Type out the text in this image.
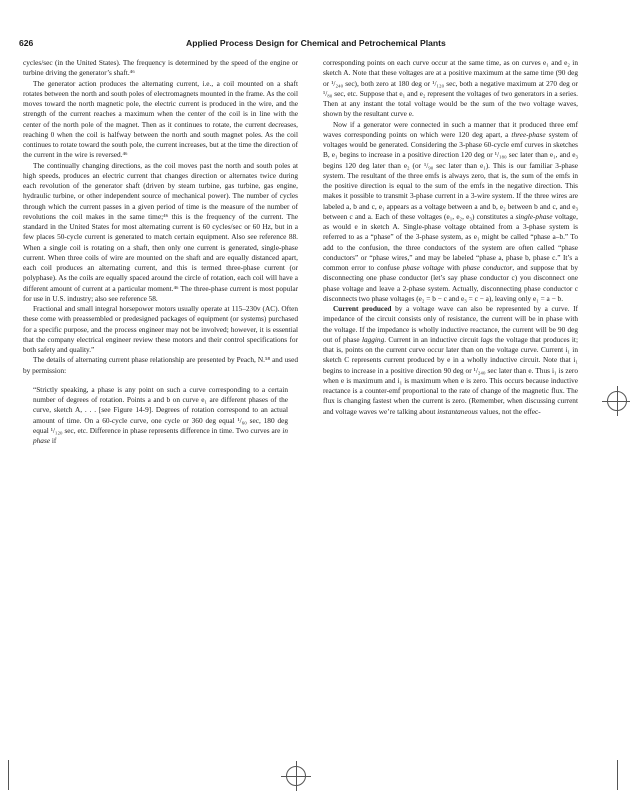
626	Applied Process Design for Chemical and Petrochemical Plants

cycles/sec (in the United States). The frequency is determined by the speed of the engine or turbine driving the generator’s shaft.⁴⁶

The generator action produces the alternating current, i.e., a coil mounted on a shaft rotates between the north and south poles of electromagnets mounted in the frame. As the coil moves toward the north magnetic pole, the electric current is produced in the wire, and the strength of the current reaches a maximum when the center of the coil is in line with the center of the north pole of the magnet. Then as it continues to rotate, the current decreases, reaching 0 when the coil is halfway between the north and south magnet poles. As the coil continues to rotate toward the south pole, the current increases, but at the time the direction of the current in the wire is reversed.⁴⁶

The continually changing directions, as the coil moves past the north and south poles at high speeds, produces an electric current that changes direction or alternates twice during each revolution of the generator shaft (driven by steam turbine, gas turbine, gas engine, hydraulic turbine, or other independent source of mechanical power). The number of cycles through which the current passes in a given period of time is the measure of the number of revolutions the coil makes in the same time;⁴⁶ this is the frequency of the current. The standard in the United States for most alternating current is 60 cycles/sec or 60 Hz, but in a few places 50-cycle current is generated to match certain equipment. Also see reference 88. When a single coil is rotating on a shaft, then only one current is generated, single-phase current. When three coils of wire are mounted on the shaft and are equally distanced apart, each coil produces an alternating current, and this is termed three-phase current (or polyphase). As the coils are equally spaced around the circle of rotation, each coil will have a different amount of current at a particular moment.⁴⁶ The three-phase current is most popular for use in U.S. industry; also see reference 58.

Fractional and small integral horsepower motors usually operate at 115–230v (AC). Often these come with preassembled or predesigned packages of equipment (or systems) purchased for a specific purpose, and the process engineer may not be involved; however, it is essential that the company electrical engineer review these motors and their control specifications for both safety and quality.”

The details of alternating current phase relationship are presented by Peach, N.⁵⁸ and used by permission:

“Strictly speaking, a phase is any point on such a curve corresponding to a certain number of degrees of rotation. Points a and b on curve e₁ are different phases of the curve, sketch A, . . . [see Figure 14-9]. Degrees of rotation correspond to an actual amount of time. On a 60-cycle curve, one cycle or 360 deg equal ¹/₆₀ sec, 180 deg equal ¹/₁₂₀ sec, etc. Difference in phase represents difference in time. Two curves are in phase if

corresponding points on each curve occur at the same time, as on curves e₁ and e₂ in sketch A. Note that these voltages are at a positive maximum at the same time (90 deg or ¹/₂₄₀ sec), both zero at 180 deg or ¹/₁₂₀ sec, both a negative maximum at 270 deg or ¹/₈₀ sec, etc. Suppose that e₁ and e₂ represent the voltages of two generators in a series. Then at any instant the total voltage would be the sum of the two voltage waves, shown by the resultant curve e.

Now if a generator were connected in such a manner that it produced three emf waves corresponding points on which were 120 deg apart, a three-phase system of voltages would be generated. Considering the 3-phase 60-cycle emf curves in sketches B, e₁ begins to increase in a positive direction 120 deg or ¹/₁₈₀ sec later than e₁, and e₃ begins 120 deg later than e₂ (or ¹/₉₀ sec later than e₁). This is our familiar 3-phase system. The resultant of the three emfs is always zero, that is, the sum of the emfs in the positive direction is equal to the sum of the emfs in the negative direction. This makes it possible to transmit 3-phase current in a 3-wire system. If the three wires are labeled a, b and c, e₁ appears as a voltage between a and b, e₂ between b and c, and e₃ between c and a. Each of these voltages (e₁, e₂, e₃) constitutes a single-phase voltage, as would e in sketch A. Single-phase voltage obtained from a 3-phase system is referred to as a “phase” of the 3-phase system, as e₁ might be called “phase a–b.” To add to the confusion, the three conductors of the system are often called “phase conductors” or “phase wires,” and may be labeled “phase a, phase b, phase c.” It’s a common error to confuse phase voltage with phase conductor, and suppose that by disconnecting one phase conductor (let’s say phase conductor c) you disconnect one phase voltage and leave a 2-phase system. Actually, disconnecting phase conductor c disconnects two phase voltages (e₂ = b − c and e₃ = c − a), leaving only e₁ = a − b.

Current produced by a voltage wave can also be represented by a curve. If impedance of the circuit consists only of resistance, the current will be in phase with the voltage. If the impedance is wholly inductive reactance, the current will be 90 deg out of phase lagging. Current in an inductive circuit lags the voltage that produces it; that is, points on the current curve occur later than on the voltage curve. Current i₁ in sketch C represents current produced by e in a wholly inductive circuit. Note that i₁ begins to increase in a positive direction 90 deg or ¹/₂₄₀ sec later than e. Thus i₁ is zero when e is maximum and i₁ is maximum when e is zero. This occurs because inductive reactance is a counter-emf proportional to the rate of change of the magnetic flux. The flux is changing fastest when the current is zero. (Remember, when discussing current and voltage waves we’re talking about instantaneous values, not the effec-
